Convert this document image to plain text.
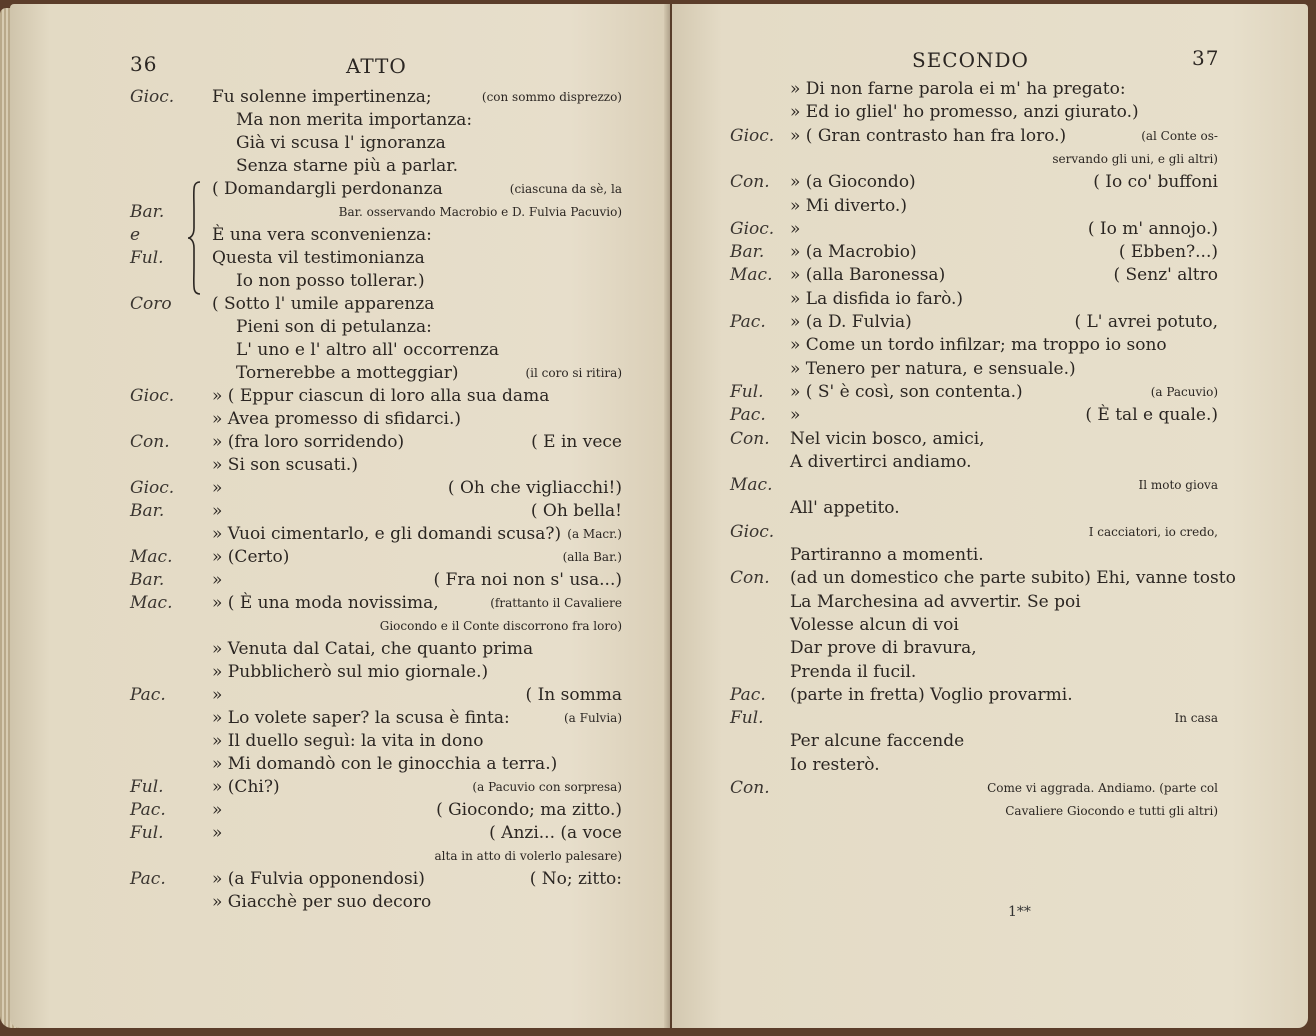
36	ATTO
Gioc. Fu solenne impertinenza;	(con sommo disprezzo)
Ma non merita importanza:
Già vi scusa l' ignoranza
Senza starne più a parlar.
( Domandargli perdonanza	(ciascuna da sè, la
Bar.	Bar. osservando Macrobio e D. Fulvia Pacuvio)
e	È una vera sconvenienza:
Ful.	Questa vil testimonianza
Io non posso tollerar.)
Coro ( Sotto l' umile apparenza
Pieni son di petulanza:
L' uno e l' altro all' occorrenza
Tornerebbe a motteggiar)	(il coro si ritira)
Gioc. » ( Eppur ciascun di loro alla sua dama
» Avea promesso di sfidarci.)
Con. » (fra loro sorridendo)	( E in vece
» Si son scusati.)
Gioc. »	( Oh che vigliacchi!)
Bar.	»	( Oh bella!
» Vuoi cimentarlo, e gli domandi scusa?) (a Macr.)
Mac. » (Certo)	(alla Bar.)
Bar.	»	( Fra noi non s' usa...)
Mac. » ( È una moda novissima,	(frattanto il Cavaliere
Giocondo e il Conte discorrono fra loro)
» Venuta dal Catai, che quanto prima
» Pubblicherò sul mio giornale.)
Pac.	»	( In somma
» Lo volete saper? la scusa è finta:	(a Fulvia)
» Il duello seguì: la vita in dono
» Mi domandò con le ginocchia a terra.)
Ful.	» (Chi?)	(a Pacuvio con sorpresa)
Pac.	»	( Giocondo; ma zitto.)
Ful.	»	( Anzi... (a voce
alta in atto di volerlo palesare)
Pac.	» (a Fulvia opponendosi)	( No; zitto:
» Giacchè per suo decoro
SECONDO	37
» Di non farne parola ei m' ha pregato:
» Ed io gliel' ho promesso, anzi giurato.)
Gioc. » ( Gran contrasto han fra loro.)	(al Conte os-
servando gli uni, e gli altri)
Con. » (a Giocondo)	( Io co' buffoni
» Mi diverto.)
Gioc. »	( Io m' annojo.)
Bar. » (a Macrobio)	( Ebben?...)
Mac. » (alla Baronessa)	( Senz' altro
» La disfida io farò.)
Pac. » (a D. Fulvia)	( L' avrei potuto,
» Come un tordo infilzar; ma troppo io sono
» Tenero per natura, e sensuale.)
Ful. » ( S' è così, son contenta.)	(a Pacuvio)
Pac. »	( È tal e quale.)
Con. Nel vicin bosco, amici,
A divertirci andiamo.
Mac.	Il moto giova
All' appetito.
Gioc.	I cacciatori, io credo,
Partiranno a momenti.
Con. (ad un domestico che parte subito) Ehi, vanne tosto
La Marchesina ad avvertir. Se poi
Volesse alcun di voi
Dar prove di bravura,
Prenda il fucil.
Pac. (parte in fretta) Voglio provarmi.
Ful.	In casa
Per alcune faccende
Io resterò.
Con.	Come vi aggrada. Andiamo. (parte col
Cavaliere Giocondo e tutti gli altri)
1**
